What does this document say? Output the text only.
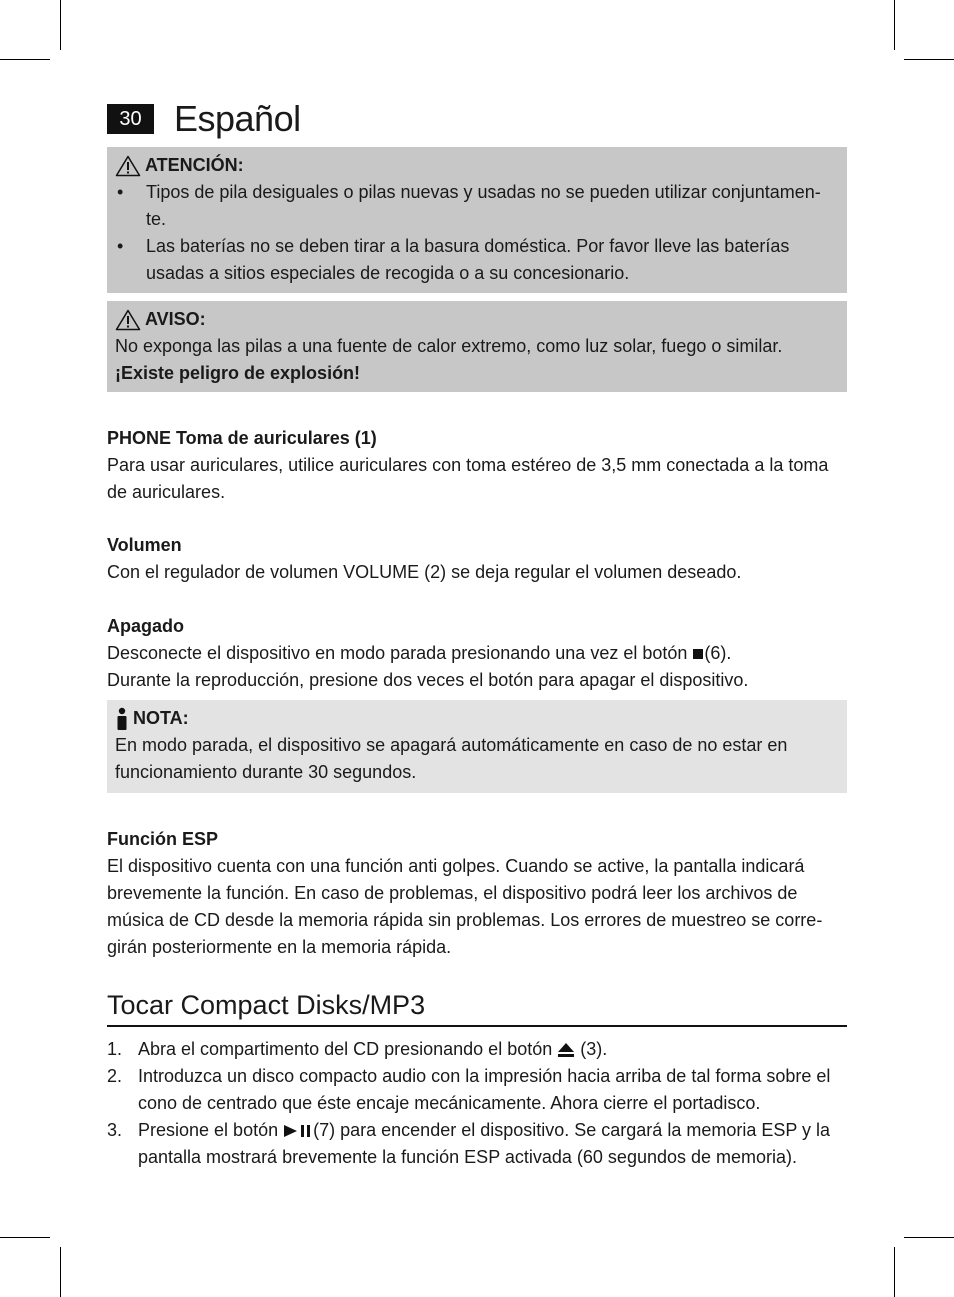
30 Español
ATENCIÓN:
• Tipos de pila desiguales o pilas nuevas y usadas no se pueden utilizar conjuntamen-te.
• Las baterías no se deben tirar a la basura doméstica. Por favor lleve las baterías usadas a sitios especiales de recogida o a su concesionario.
AVISO:

No exponga las pilas a una fuente de calor extremo, como luz solar, fuego o similar.

¡Existe peligro de explosión!

PHONE Toma de auriculares (1)

Para usar auriculares, utilice auriculares con toma estéreo de 3,5 mm conectada a la toma de auriculares.

Volumen

Con el regulador de volumen VOLUME (2) se deja regular el volumen deseado.

Apagado

Desconecte el dispositivo en modo parada presionando una vez el botón (6).

Durante la reproducción, presione dos veces el botón para apagar el dispositivo.

NOTA:

En modo parada, el dispositivo se apagará automáticamente en caso de no estar en funcionamiento durante 30 segundos.

Función ESP

El dispositivo cuenta con una función anti golpes. Cuando se active, la pantalla indicará brevemente la función. En caso de problemas, el dispositivo podrá leer los archivos de música de CD desde la memoria rápida sin problemas. Los errores de muestreo se corre-girán posteriormente en la memoria rápida.

Tocar Compact Disks/MP3
1. Abra el compartimento del CD presionando el botón (3).
2. Introduzca un disco compacto audio con la impresión hacia arriba de tal forma sobre el cono de centrado que éste encaje mecánicamente. Ahora cierre el portadisco.
3. Presione el botón (7) para encender el dispositivo. Se cargará la memoria ESP y la pantalla mostrará brevemente la función ESP activada (60 segundos de memoria).
